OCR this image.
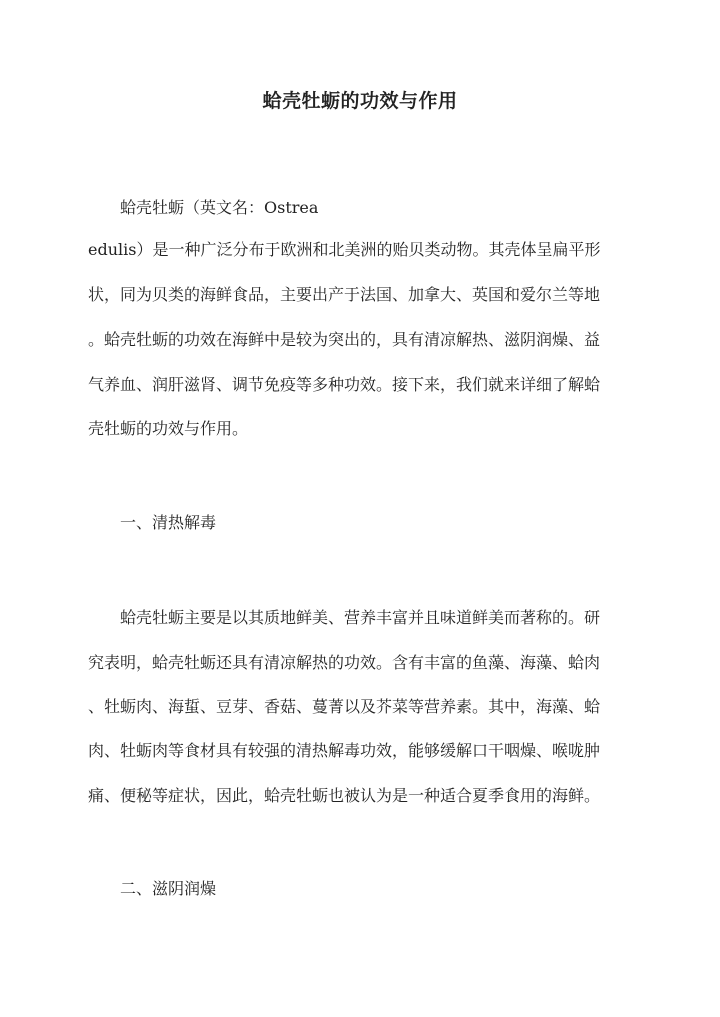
蛤壳牡蛎的功效与作用
蛤壳牡蛎（英文名：Ostrea
edulis）是一种广泛分布于欧洲和北美洲的贻贝类动物。其壳体呈扁平形
状，同为贝类的海鲜食品，主要出产于法国、加拿大、英国和爱尔兰等地
。蛤壳牡蛎的功效在海鲜中是较为突出的，具有清凉解热、滋阴润燥、益
气养血、润肝滋肾、调节免疫等多种功效。接下来，我们就来详细了解蛤
壳牡蛎的功效与作用。
一、清热解毒
蛤壳牡蛎主要是以其质地鲜美、营养丰富并且味道鲜美而著称的。研
究表明，蛤壳牡蛎还具有清凉解热的功效。含有丰富的鱼藻、海藻、蛤肉
、牡蛎肉、海蜇、豆芽、香菇、蔓菁以及芥菜等营养素。其中，海藻、蛤
肉、牡蛎肉等食材具有较强的清热解毒功效，能够缓解口干咽燥、喉咙肿
痛、便秘等症状，因此，蛤壳牡蛎也被认为是一种适合夏季食用的海鲜。
二、滋阴润燥
